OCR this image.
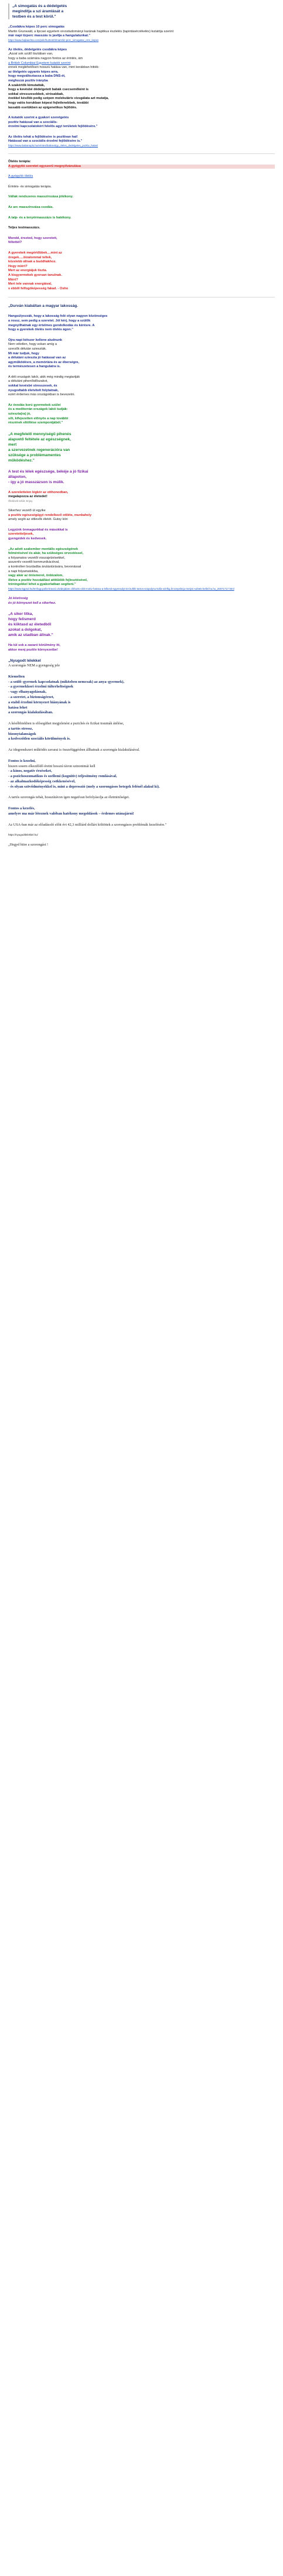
„A simogatás és a dédelgetés

megindítja a szi áramlását a

testben és a test körül."

„Csodákra képes 10 perc simogatás

Martin Grunwald, a lipcsei egyetem orvostudományi karának haptikus észlelés (tapintásérzékelés) kutatója szerint

már napi tízperc masszás is javítja a hangulatunkat."

https://www.hajkaiehta.com/pelir/hu/test/3/mars/tiz-perc_simogatas_erre_kepes

Az ölelés, dédelgetés csodákra képes

„Azzal sok szülő tisztában van,

hogy a baba számára nagyon fontos az érintés, ám

a British Columbiai Egyetem kutatói szerint

ennek meglehetősen hosszú hatása van, mint korábban hitték:

az ölelgetés ugyanis képes arra,

hogy megváltoztassa a baba DNS-ét,

méghozzá pozitív irányba

A szakértők kimutatták,

hogy a kevésbé dédelgetett babák csecsemőként is

sokkal stresszesebbek, sírósabbak,

évekkel később pedig szépen molekuláris vizsgálata azt mutatja,

hogy valós korukban képest fejletlenebbek, további

lassabb esetükben az epigenetikus fejlődés.

A kutatók szerint a gyakori szeretgetés

pozitív hatással van a szociális-

érzelmi kapcsolatokért felelős agyi területek fejlődésére."

Az ölelés tehát a fejlődésére is pozitívan hat!

Hatással van a szociális-érzelmi fejlődésére is."

https://www.babanaplo.hu/erintes/babavolgy_oleles_dedelgetes_pozitiv_hatas/

Ölelés terápia:

A gyógyító szeretet egyszerű megnyilvánulása

A gyógyító ölelés

Érintés- és simogatás terápia.

Vállak rendszeres masszírozása jótékony.

Az arc masszírozása csodás.

A talp- és a tenyérmasszázs is hatékony.

Teljes testmasszázs.

Mondd, érezted, hogy szeretett,

féltettél?

A gyerekek megértőbbek....mint az

öregek.....bizalommal teltek,

közelebb állnak a buddhákhoz.

Hogy miért?

Mert az energiájuk tiszta.

A kisgyermekek gyorsan tanulnak.

Miért?

Mert tele vannak energiával,

s ebből felfogóképesség fakad. - Osho

„Durván kiabáltan a magyar lakosság.

Hangsúlyozzák, hogy a lakosság felé olyan nagyon közönséges

a rossz, sem pedig a szeretet. Jól kérj, hogy a szülők

megnyílhatnak egy értelmes gondolkodás és kérésre. A

hogy a gyerekek ölelés nem ölelés ágon."

Ojra napi kétszer kellene aludnunk

Nem véletlen, hogy sokan amíg a

szerzők délután szieszták.

Mi már tudjuk, hogy

a délutáni szieszta jó hatással van az

agyműködésre, a memóriára és az éberségre,

és természetesen a hangulatra is.

A déli országok lakói, akik még mindig megtartják

a délutáni pihenőidőszakot,

sokkal kevésbé stresszesek, és

nyugodtabb életvitelt folytatnak,

ezért érdemes más országokban is bevezetni.

Az óvodás korú gyermekek szüleí

és a mediterrán országok lakói tudják:

szieszta(ra) jó,

sőt, kifejezetten előnyös a nap további

részének eltöltése szempontjából."

„A megfelelő mennyiségű pihenés

alapvető feltétele az egészségnek,

mert

a szervezetnek regenerációra van

szüksége a problémamentes

működéshez."

A test és lélek egészsége, békéje a jó fizikai

állapoton,

- így a jó masszázson is múlik.

A szerelettelen légkör az otthonodban,

megalapozza az életedet!

Ölelések tehát: Enjoy

Sikerhez vezető út egyike

a pozitív egészségügyi rendelkező ottléte, munkahely

amely segíti az ottlevők életét. Gutsy köri

Legyünk önmagunkkal és másokkal is

szeretetteljesek,

gyengédek és kedvesek.

„Az adott szakember mentális egészségének

felmérésével és akár, ha szükséges orvostéssel,

a folyamatos vezetői visszajelzésekkel,

asszertív vezetői kommunikációval,

a kontrollerr bozdadba árulástúrására, bevonással

a napi folyamatokba,

vagy akár az önismeret, önbizalom,

illetve a pozitív hozzáállást attitűdök fejlesztésével,

tréningekkel lehet a gyakorlatban segíteni."

https://www.kgpsd.hu/tenfogy.pal/a-krausz.olvidejaban.cikhazto-cikk-motiv-hatasu-a-lelkesit-egyensulyt-ter.kulkhi-tartos-szapolynu-kolla-szirlkg.ik-szepsheju-melyei-sobtek-kellel.hu.hu_20071717.html

Jó közösség

és jó környezet kell a sikerhez.

„A siker titka,

hogy felismerd

és kiiktasd az életedből

azokat a dolgokat,

amik az utadban állnak."

Ha túl sok a zavaró körülmény itt,

akkor menj pozitív környezetbe!

„Nyugodt lélekkel

A szorongás NEM a gyengeség jele

Kiemelten

- a szülő–gyermek kapcsolatnak (miközben nemcsak) az anya–gyermek),

- a gyermekkori érzelmi túlterheltségnek

- vagy elhanyagolásnak,

- a szeretet, a biztonságérzet,

a stabil érzelmi környezet hiányának is

hatása lehet

a szorongás kialakulásában.

A későbbiekben is elősegíthet megjelenést a pszichés és fizikai traumák átélése,

a tartós stressz,

bizonytalanságok

a kedvezőtlen szociális körülmények is.

Az idegrendszeri működés zavarai is összefüggésben állhatnak a szorongás kialakulásával.

Fontos is kezelni,

hiszen sosem elkezdődő éretni hosszú távon szinonimái kell

- a kínos, negatív érzéseket,

- a pszichoszomatikus és szellemi (kognitív) teljesítmény romlásával,

- az alkalmazkodóképesség csökkenésével,

- és olyan szövődményekkel is, mint a depresszió (mely a szorongásos betegek felénél alakul ki).

A tartós szorongás tehát, hosszútávon igen negatívan befolyásolja az életminőséget.

Fontos a kezelés,

amelyre ma már léteznek valóban hatékony megoldások – érdemes utánajárni!

Az USA-ban már az előadásoló előtt évi 42,3 milliárd dollárt költöttek a szorongásos problémák kezelésére."

https://nyugodtlelekkel.hu/

„Hegyd hitre a szorongást !
